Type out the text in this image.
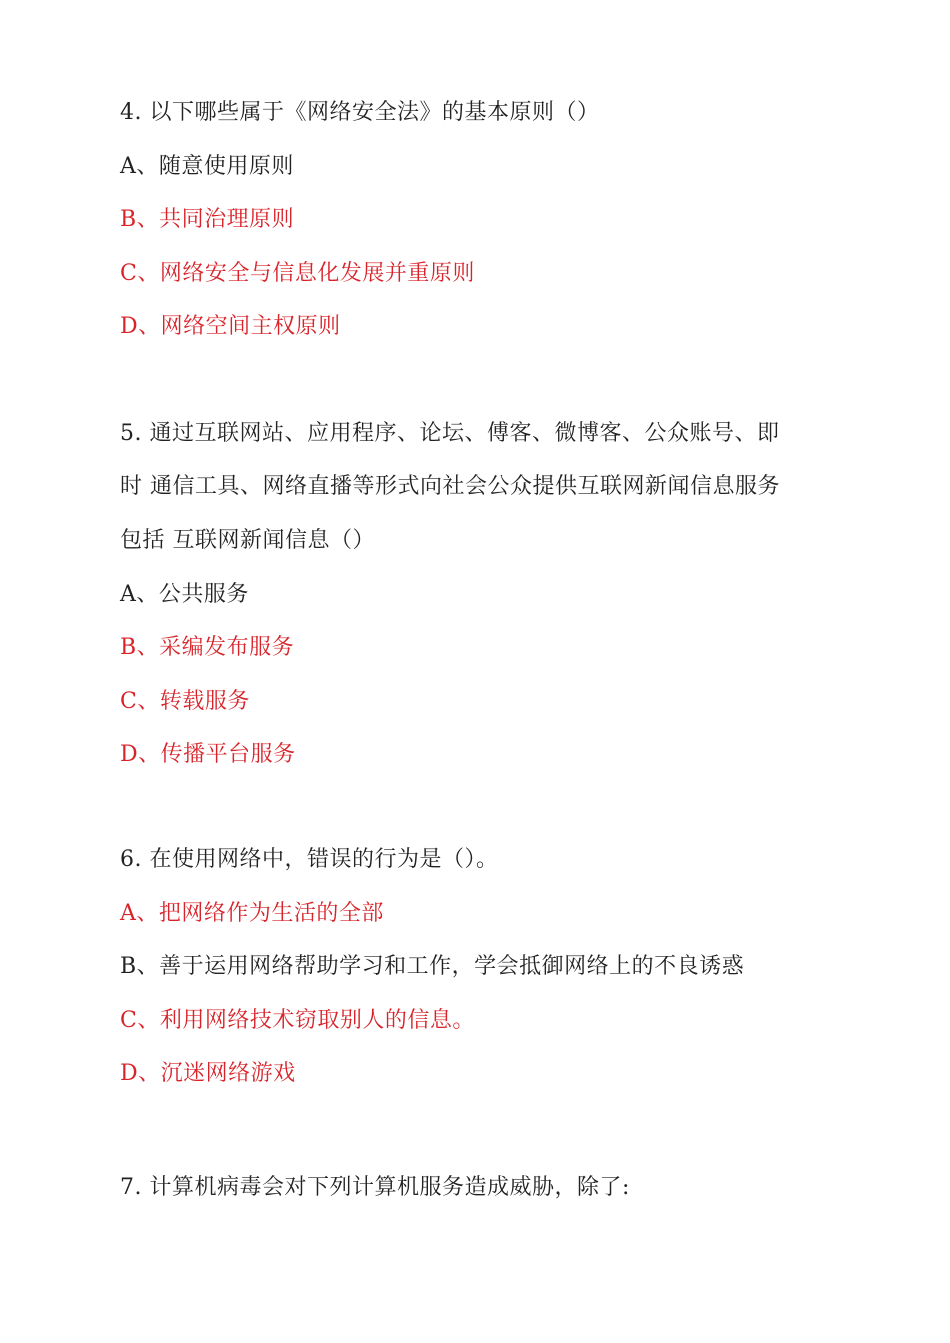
4. 以下哪些属于《网络安全法》的基本原则（）
A、随意使用原则
B、共同治理原则
C、网络安全与信息化发展并重原则
D、网络空间主权原则
5. 通过互联网站、应用程序、论坛、傅客、微博客、公众账号、即
时 通信工具、网络直播等形式向社会公众提供互联网新闻信息服务
包括 互联网新闻信息（）
A、公共服务
B、采编发布服务
C、转载服务
D、传播平台服务
6. 在使用网络中，错误的行为是（）。
A、把网络作为生活的全部
B、善于运用网络帮助学习和工作，学会抵御网络上的不良诱惑
C、利用网络技术窃取别人的信息。
D、沉迷网络游戏
7. 计算机病毒会对下列计算机服务造成威胁，除了:
